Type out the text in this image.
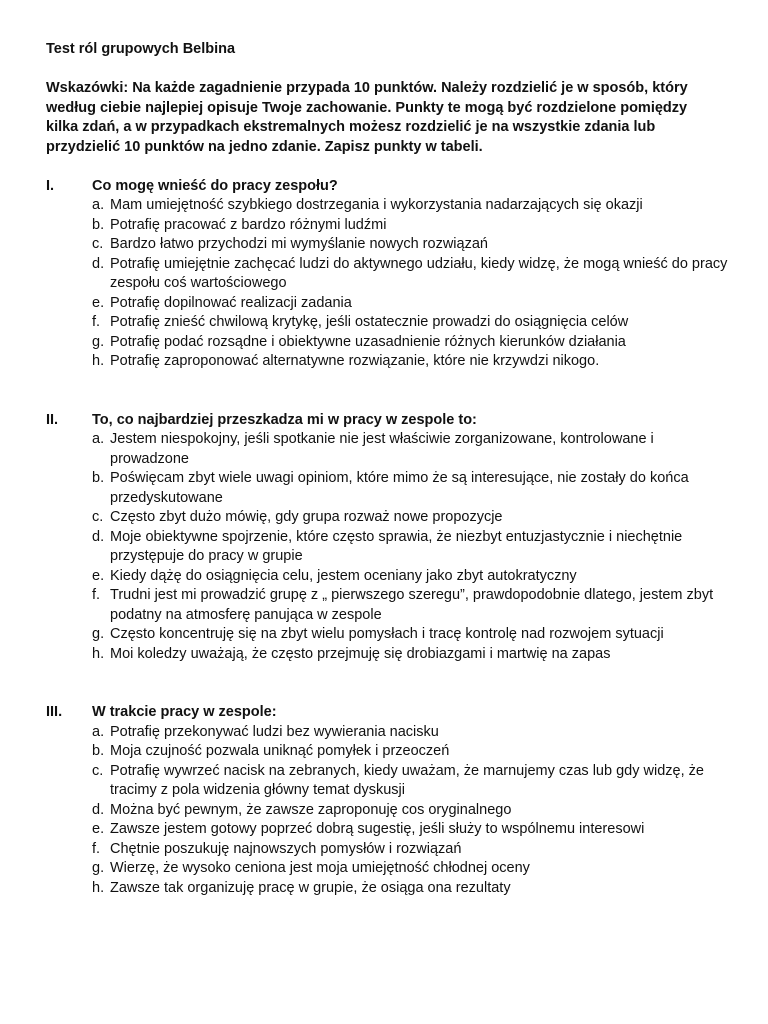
Test ról grupowych Belbina
Wskazówki: Na każde zagadnienie przypada 10 punktów. Należy rozdzielić je w sposób, który według ciebie najlepiej opisuje Twoje zachowanie. Punkty te mogą być rozdzielone pomiędzy kilka zdań, a w przypadkach ekstremalnych możesz rozdzielić je na wszystkie zdania lub przydzielić 10 punktów na jedno zdanie. Zapisz punkty w tabeli.
I.	Co mogę wnieść do pracy zespołu?
a. Mam umiejętność szybkiego dostrzegania i wykorzystania nadarzających się okazji
b. Potrafię pracować z bardzo różnymi ludźmi
c. Bardzo łatwo przychodzi mi wymyślanie nowych rozwiązań
d. Potrafię umiejętnie zachęcać ludzi do aktywnego udziału, kiedy widzę, że mogą wnieść do pracy zespołu coś wartościowego
e. Potrafię dopilnować realizacji zadania
f. Potrafię znieść chwilową krytykę, jeśli ostatecznie prowadzi do osiągnięcia celów
g. Potrafię podać rozsądne i obiektywne uzasadnienie różnych kierunków działania
h. Potrafię zaproponować alternatywne rozwiązanie, które nie krzywdzi nikogo.
II.	To, co najbardziej przeszkadza mi w pracy w zespole to:
a. Jestem niespokojny, jeśli spotkanie nie jest właściwie zorganizowane, kontrolowane i prowadzone
b. Poświęcam zbyt wiele uwagi opiniom, które mimo że są interesujące, nie zostały do końca przedyskutowane
c. Często zbyt dużo mówię, gdy grupa rozważ nowe propozycje
d. Moje obiektywne spojrzenie, które często sprawia, że niezbyt entuzjastycznie i niechętnie przystępuje do pracy w grupie
e. Kiedy dążę do osiągnięcia celu, jestem oceniany jako zbyt autokratyczny
f. Trudni jest mi prowadzić grupę z „ pierwszego szeregu”, prawdopodobnie dlatego, jestem zbyt podatny na atmosferę panująca w zespole
g. Często koncentruję się na zbyt wielu pomysłach i tracę kontrolę nad rozwojem sytuacji
h. Moi koledzy uważają, że często przejmuję się drobiazgami i martwię na zapas
III.	W trakcie pracy w zespole:
a. Potrafię przekonywać ludzi bez wywierania nacisku
b. Moja czujność pozwala uniknąć pomyłek i przeoczeń
c. Potrafię wywrzeć nacisk na zebranych, kiedy uważam, że marnujemy czas lub gdy widzę, że tracimy z pola widzenia główny temat dyskusji
d. Można być pewnym, że zawsze zaproponuję cos oryginalnego
e. Zawsze jestem gotowy poprzeć dobrą sugestię, jeśli służy to wspólnemu interesowi
f. Chętnie poszukuję najnowszych pomysłów i rozwiązań
g. Wierzę, że wysoko ceniona jest moja umiejętność chłodnej oceny
h. Zawsze tak organizuję pracę w grupie, że osiąga ona rezultaty
